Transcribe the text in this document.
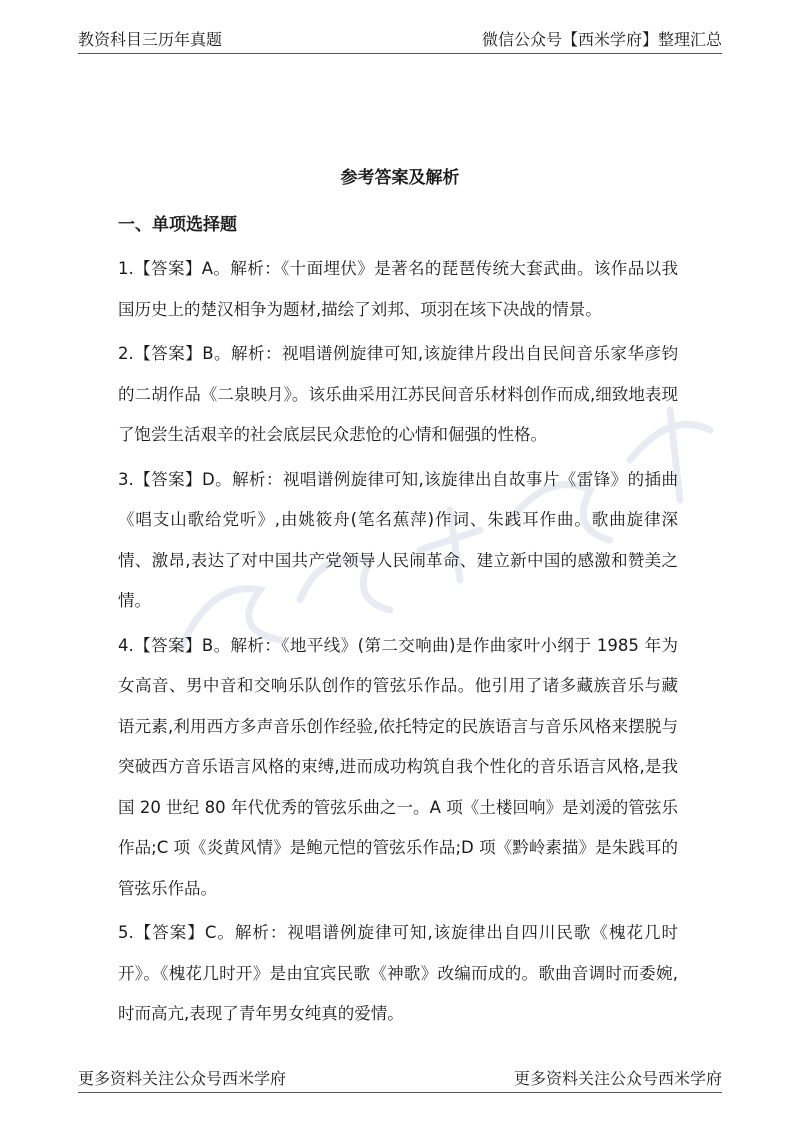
教资科目三历年真题	微信公众号【西米学府】整理汇总
参考答案及解析
一、单项选择题

1.【答案】A。解析：《十面埋伏》是著名的琵琶传统大套武曲。该作品以我国历史上的楚汉相争为题材,描绘了刘邦、项羽在垓下决战的情景。

2.【答案】B。解析：视唱谱例旋律可知,该旋律片段出自民间音乐家华彦钧的二胡作品《二泉映月》。该乐曲采用江苏民间音乐材料创作而成,细致地表现了饱尝生活艰辛的社会底层民众悲怆的心情和倔强的性格。

3.【答案】D。解析：视唱谱例旋律可知,该旋律出自故事片《雷锋》的插曲《唱支山歌给党听》,由姚筱舟(笔名蕉萍)作词、朱践耳作曲。歌曲旋律深情、激昂,表达了对中国共产党领导人民闹革命、建立新中国的感激和赞美之情。

4.【答案】B。解析：《地平线》(第二交响曲)是作曲家叶小纲于 1985 年为女高音、男中音和交响乐队创作的管弦乐作品。他引用了诸多藏族音乐与藏语元素,利用西方多声音乐创作经验,依托特定的民族语言与音乐风格来摆脱与突破西方音乐语言风格的束缚,进而成功构筑自我个性化的音乐语言风格,是我国 20 世纪 80 年代优秀的管弦乐曲之一。A 项《土楼回响》是刘湲的管弦乐作品;C 项《炎黄风情》是鲍元恺的管弦乐作品;D 项《黔岭素描》是朱践耳的管弦乐作品。

5.【答案】C。解析：视唱谱例旋律可知,该旋律出自四川民歌《槐花几时开》。《槐花几时开》是由宜宾民歌《神歌》改编而成的。歌曲音调时而委婉,时而高亢,表现了青年男女纯真的爱情。

更多资料关注公众号西米学府	更多资料关注公众号西米学府
